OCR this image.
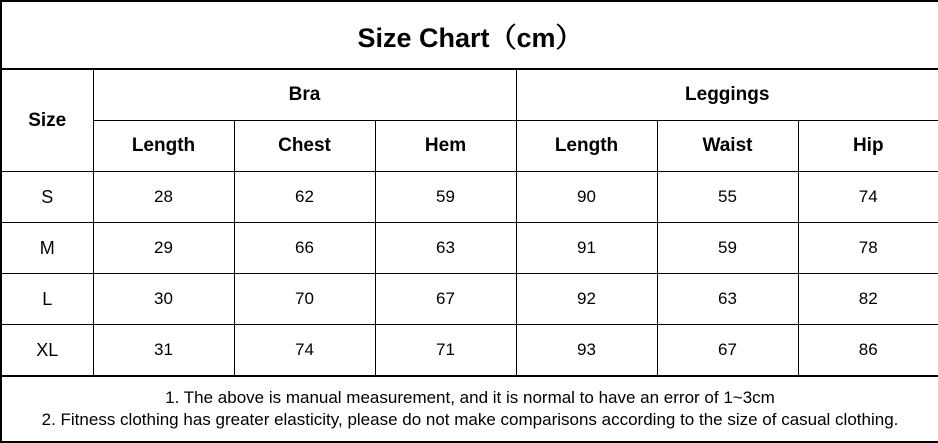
Size Chart（cm）						
Size	Bra			Leggings		
	Length	Chest	Hem	Length	Waist	Hip
S	28	62	59	90	55	74
M	29	66	63	91	59	78
L	30	70	67	92	63	82
XL	31	74	71	93	67	86

1. The above is manual measurement, and it is normal to have an error of 1~3cm
2. Fitness clothing has greater elasticity, please do not make comparisons according to the size of casual clothing.						
